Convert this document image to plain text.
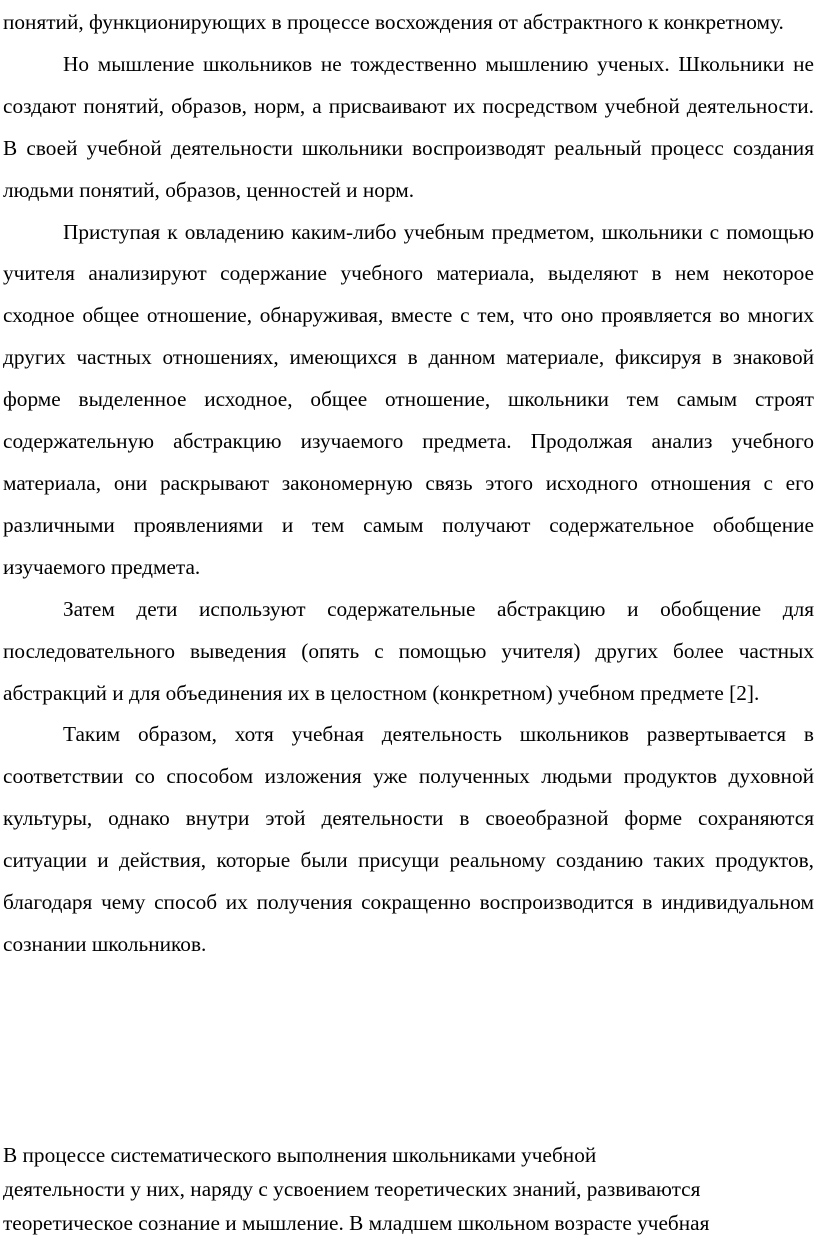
понятий, функционирующих в процессе восхождения от абстрактного к конкретному.

Но мышление школьников не тождественно мышлению ученых. Школьники не создают понятий, образов, норм, а присваивают их посредством учебной деятельности. В своей учебной деятельности школьники воспроизводят реальный процесс создания людьми понятий, образов, ценностей и норм.

Приступая к овладению каким-либо учебным предметом, школьники с помощью учителя анализируют содержание учебного материала, выделяют в нем некоторое сходное общее отношение, обнаруживая, вместе с тем, что оно проявляется во многих других частных отношениях, имеющихся в данном материале, фиксируя в знаковой форме выделенное исходное, общее отношение, школьники тем самым строят содержательную абстракцию изучаемого предмета. Продолжая анализ учебного материала, они раскрывают закономерную связь этого исходного отношения с его различными проявлениями и тем самым получают содержательное обобщение изучаемого предмета.

Затем дети используют содержательные абстракцию и обобщение для последовательного выведения (опять с помощью учителя) других более частных абстракций и для объединения их в целостном (конкретном) учебном предмете [2].

Таким образом, хотя учебная деятельность школьников развертывается в соответствии со способом изложения уже полученных людьми продуктов духовной культуры, однако внутри этой деятельности в своеобразной форме сохраняются ситуации и действия, которые были присущи реальному созданию таких продуктов, благодаря чему способ их получения сокращенно воспроизводится в индивидуальном сознании школьников.

В процессе систематического выполнения школьниками учебной

деятельности у них, наряду с усвоением теоретических знаний, развиваются

теоретическое сознание и мышление. В младшем школьном возрасте учебная
